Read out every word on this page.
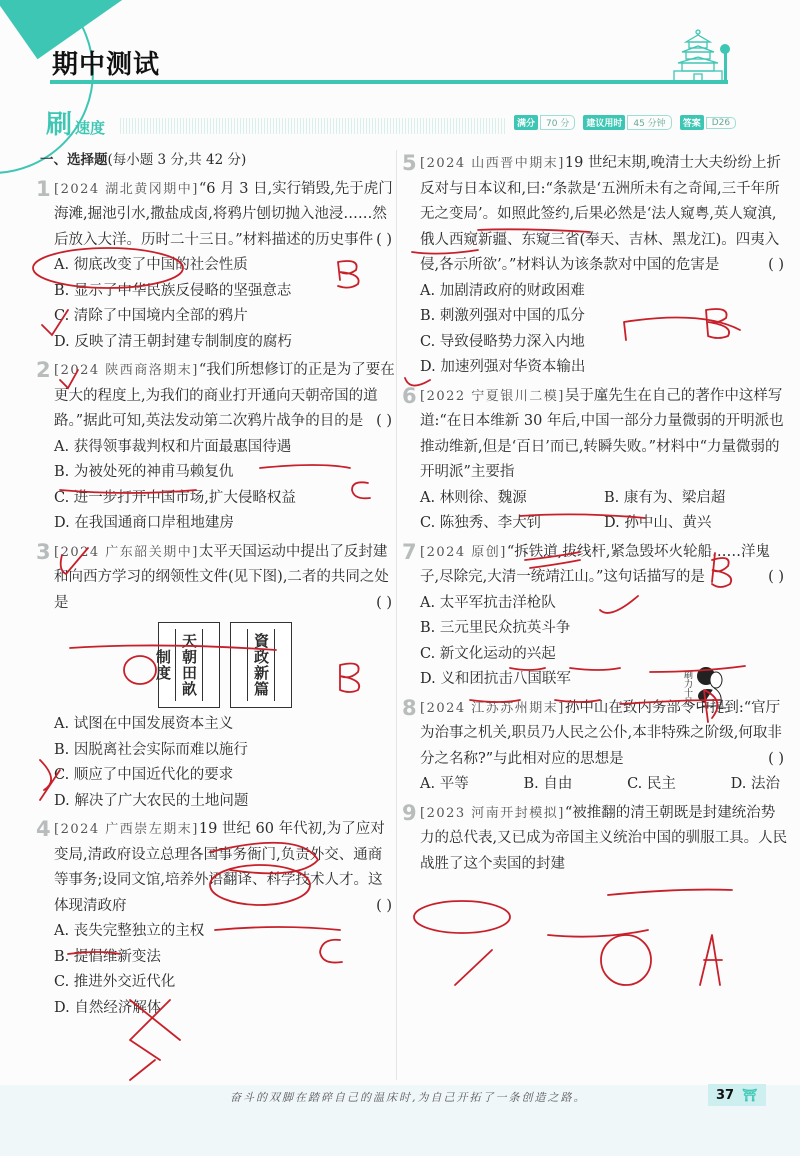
期中测试
刷 速度	满分	70 分	建议用时	45 分钟	答案	D26
一、选择题(每小题 3 分,共 42 分)
1 [2024 湖北黄冈期中]“6 月 3 日,实行销毁,先于虎门海滩,掘池引水,撒盐成卤,将鸦片刨切抛入池浸……然后放入大洋。历时二十三日。”材料描述的历史事件 ( )
A. 彻底改变了中国的社会性质
B. 显示了中华民族反侵略的坚强意志
C. 清除了中国境内全部的鸦片
D. 反映了清王朝封建专制制度的腐朽
2 [2024 陕西商洛期末]“我们所想修订的正是为了要在更大的程度上,为我们的商业打开通向天朝帝国的道路。”据此可知,英法发动第二次鸦片战争的目的是 ( )
A. 获得领事裁判权和片面最惠国待遇
B. 为被处死的神甫马赖复仇
C. 进一步打开中国市场,扩大侵略权益
D. 在我国通商口岸租地建房
3 [2024 广东韶关期中]太平天国运动中提出了反封建和向西方学习的纲领性文件(见下图),二者的共同之处是	( )
天朝田畝制度	資政新篇
A. 试图在中国发展资本主义
B. 因脱离社会实际而难以施行
C. 顺应了中国近代化的要求
D. 解决了广大农民的土地问题
4 [2024 广西崇左期末]19 世纪 60 年代初,为了应对变局,清政府设立总理各国事务衙门,负责外交、通商等事务;设同文馆,培养外语翻译、科学技术人才。这体现清政府	( )
A. 丧失完整独立的主权
B. 提倡维新变法
C. 推进外交近代化
D. 自然经济解体
5 [2024 山西晋中期末]19 世纪末期,晚清士大夫纷纷上折反对与日本议和,曰:“条款是‘五洲所未有之奇闻,三千年所无之变局’。如照此签约,后果必然是‘法人窥粤,英人窥滇,俄人西窥新疆、东窥三省(奉天、吉林、黑龙江)。四夷入侵,各示所欲’。”材料认为该条款对中国的危害是	( )
A. 加剧清政府的财政困难
B. 刺激列强对中国的瓜分
C. 导致侵略势力深入内地
D. 加速列强对华资本输出
6 [2022 宁夏银川二模]吴于廑先生在自己的著作中这样写道:“在日本维新 30 年后,中国一部分力量微弱的开明派也推动维新,但是‘百日’而已,转瞬失败。”材料中“力量微弱的开明派”主要指
A. 林则徐、魏源	B. 康有为、梁启超
C. 陈独秀、李大钊	D. 孙中山、黄兴
7 [2024 原创]“拆铁道,拔线杆,紧急毁坏火轮船……洋鬼子,尽除完,大清一统靖江山。”这句话描写的是	( )
A. 太平军抗击洋枪队
B. 三元里民众抗英斗争
C. 新文化运动的兴起
D. 义和团抗击八国联军	刷力十足
8 [2024 江苏苏州期末]孙中山在致内务部令中提到:“官厅为治事之机关,职员乃人民之公仆,本非特殊之阶级,何取非分之名称?”与此相对应的思想是	( )
A. 平等	B. 自由	C. 民主	D. 法治
9 [2023 河南开封模拟]“被推翻的清王朝既是封建统治势力的总代表,又已成为帝国主义统治中国的驯服工具。人民战胜了这个卖国的封建
奋斗的双脚在踏碎自己的温床时,为自己开拓了一条创造之路。	37 ⛩
